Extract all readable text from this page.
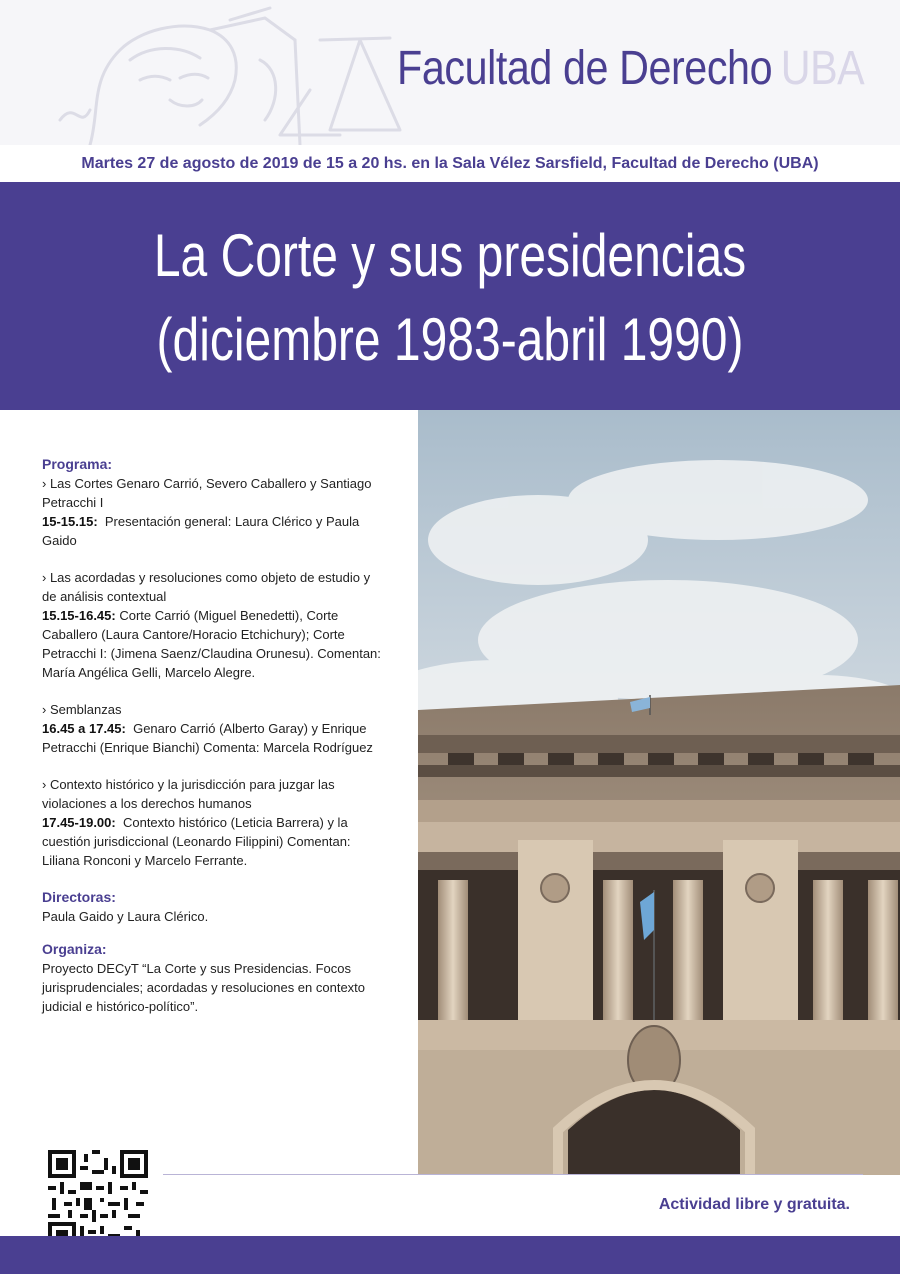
Facultad de Derecho UBA
Martes 27 de agosto de 2019 de 15 a 20 hs. en la Sala Vélez Sarsfield, Facultad de Derecho (UBA)
La Corte y sus presidencias
(diciembre 1983-abril 1990)

Programa:

› Las Cortes Genaro Carrió, Severo Caballero y Santiago Petracchi I

15-15.15: Presentación general: Laura Clérico y Paula Gaido

› Las acordadas y resoluciones como objeto de estudio y de análisis contextual

15.15-16.45: Corte Carrió (Miguel Benedetti), Corte Caballero (Laura Cantore/Horacio Etchichury); Corte Petracchi I: (Jimena Saenz/Claudina Orunesu). Comentan: María Angélica Gelli, Marcelo Alegre.

› Semblanzas

16.45 a 17.45: Genaro Carrió (Alberto Garay) y Enrique Petracchi (Enrique Bianchi) Comenta: Marcela Rodríguez

› Contexto histórico y la jurisdicción para juzgar las violaciones a los derechos humanos

17.45-19.00: Contexto histórico (Leticia Barrera) y la cuestión jurisdiccional (Leonardo Filippini) Comentan: Liliana Ronconi y Marcelo Ferrante.

Directoras:

Paula Gaido y Laura Clérico.

Organiza:

Proyecto DECyT “La Corte y sus Presidencias. Focos jurisprudenciales; acordadas y resoluciones en contexto judicial e histórico-político”.

Actividad libre y gratuita.
